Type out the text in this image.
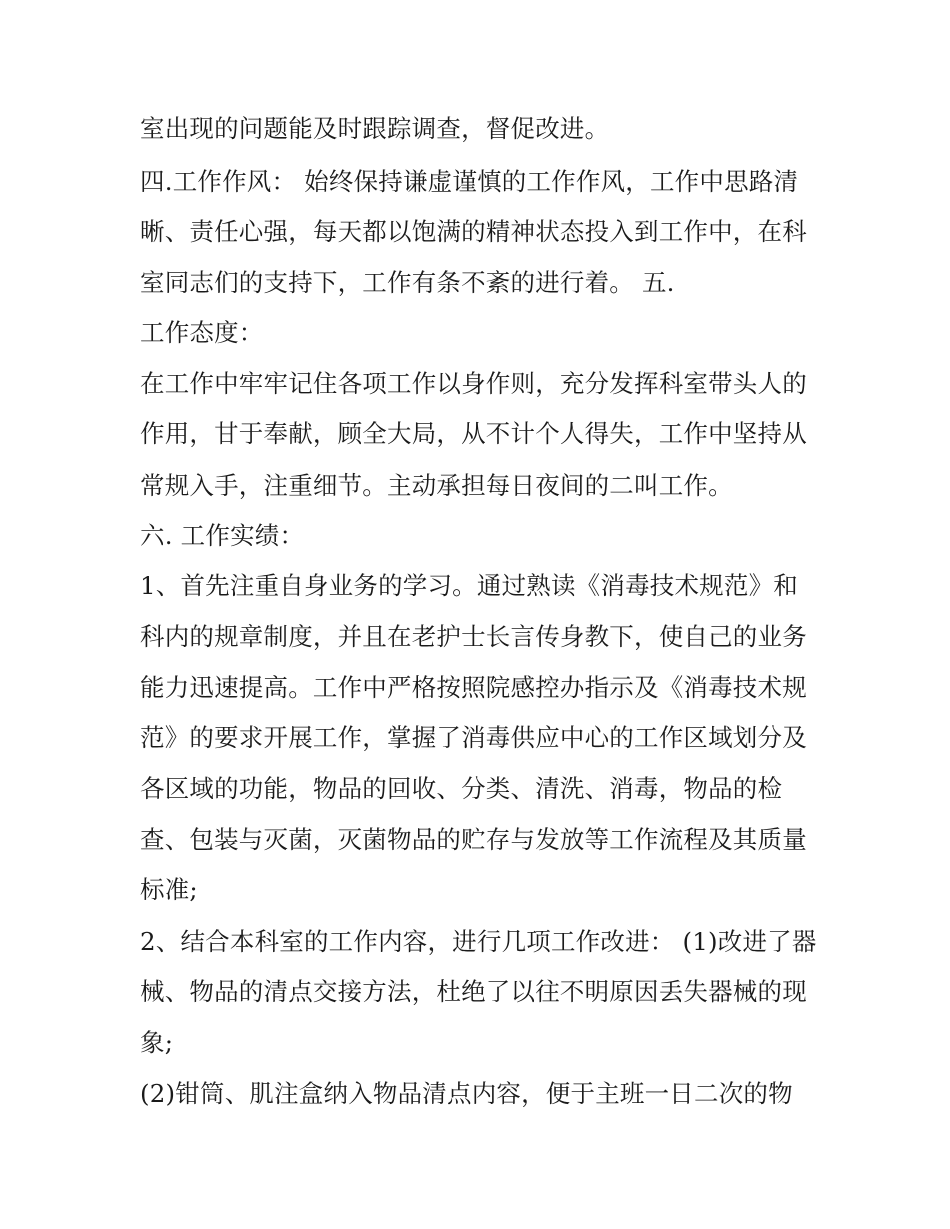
室出现的问题能及时跟踪调查，督促改进。
四.工作作风： 始终保持谦虚谨慎的工作作风，工作中思路清
晰、责任心强，每天都以饱满的精神状态投入到工作中，在科
室同志们的支持下，工作有条不紊的进行着。 五.
工作态度：
在工作中牢牢记住各项工作以身作则，充分发挥科室带头人的
作用，甘于奉献，顾全大局，从不计个人得失，工作中坚持从
常规入手，注重细节。主动承担每日夜间的二叫工作。
六. 工作实绩：
1、首先注重自身业务的学习。通过熟读《消毒技术规范》和
科内的规章制度，并且在老护士长言传身教下，使自己的业务
能力迅速提高。工作中严格按照院感控办指示及《消毒技术规
范》的要求开展工作，掌握了消毒供应中心的工作区域划分及
各区域的功能，物品的回收、分类、清洗、消毒，物品的检
查、包装与灭菌，灭菌物品的贮存与发放等工作流程及其质量
标准;
2、结合本科室的工作内容，进行几项工作改进： (1)改进了器
械、物品的清点交接方法，杜绝了以往不明原因丢失器械的现
象;
(2)钳筒、肌注盒纳入物品清点内容，便于主班一日二次的物
